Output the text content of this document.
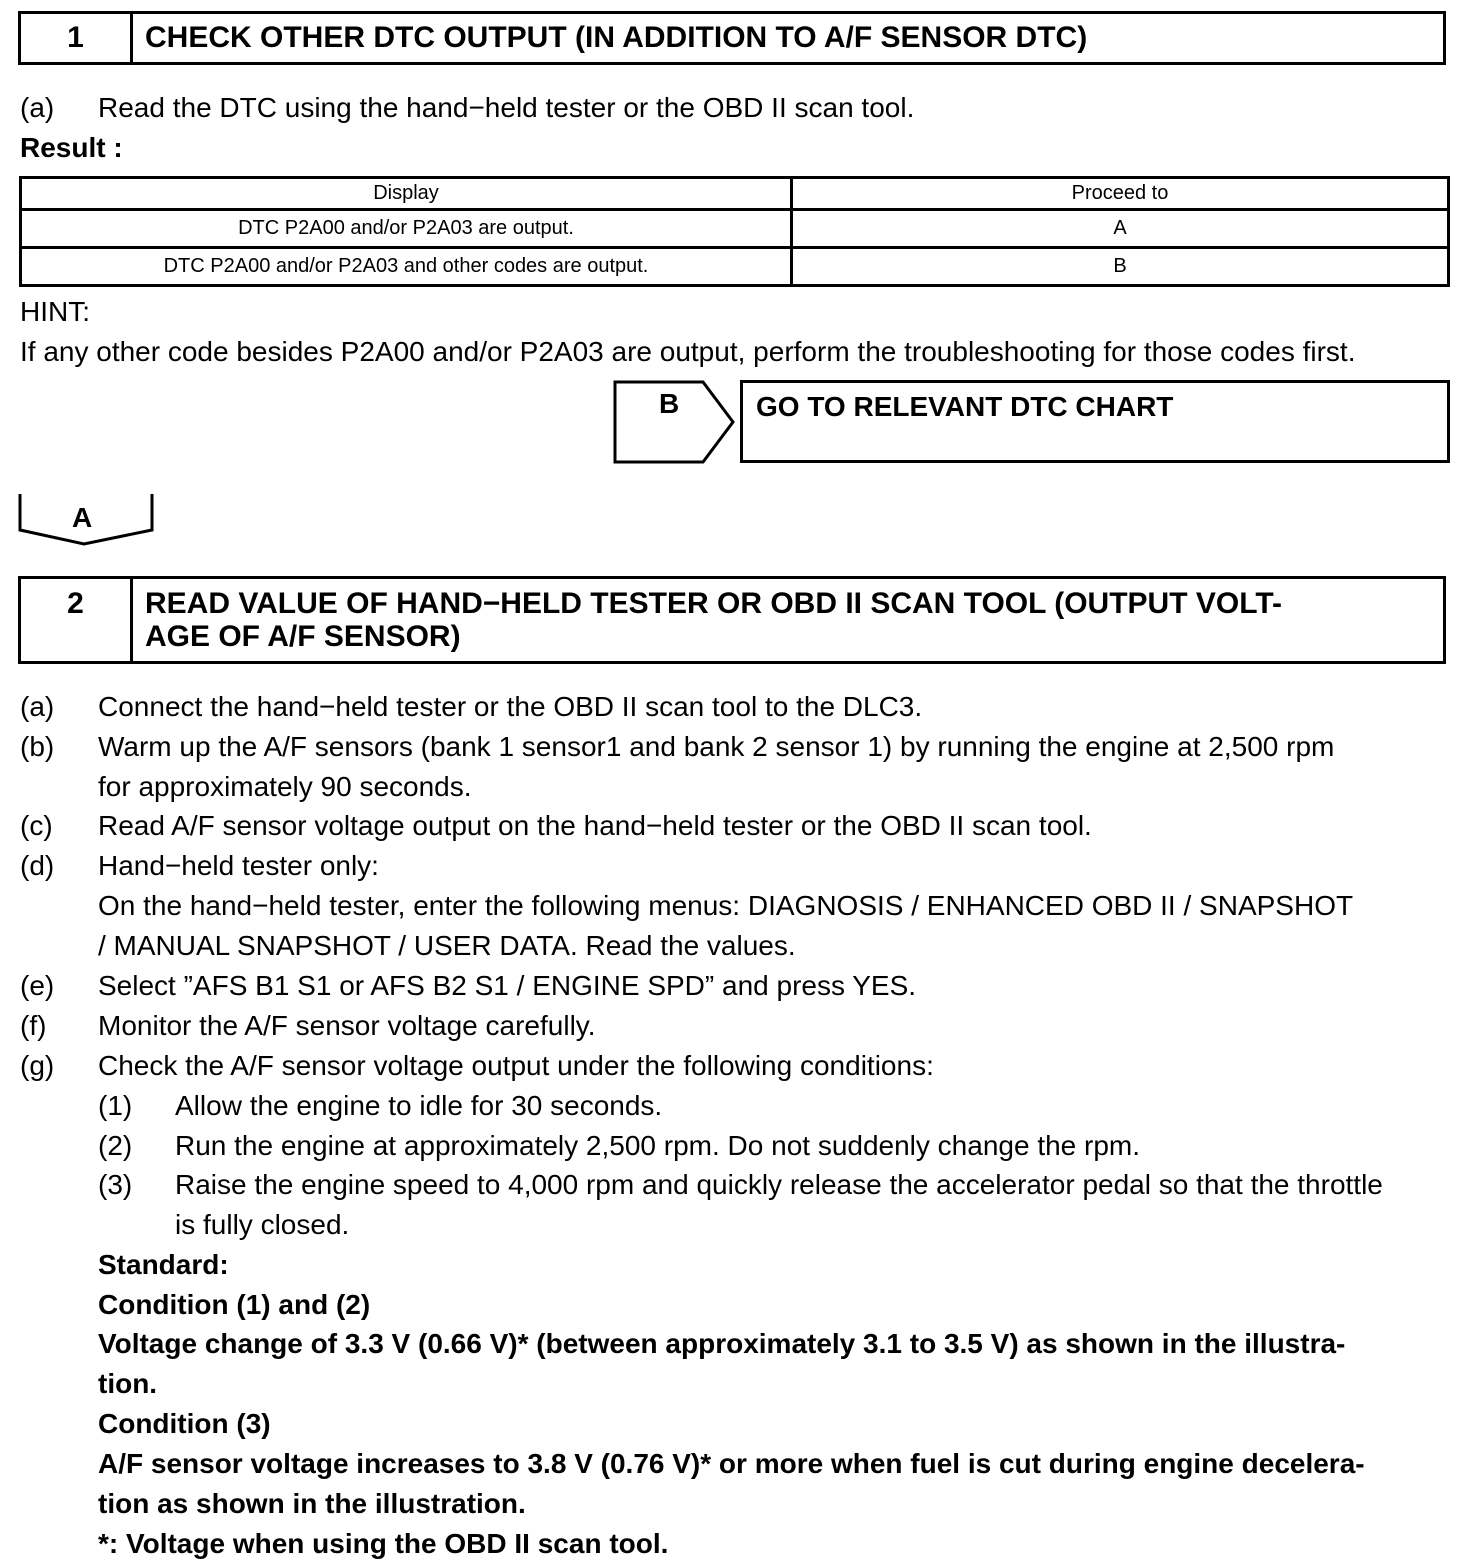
1	CHECK OTHER DTC OUTPUT (IN ADDITION TO A/F SENSOR DTC)
(a) Read the DTC using the hand−held tester or the OBD II scan tool.
Result :
Display	Proceed to
DTC P2A00 and/or P2A03 are output.	A
DTC P2A00 and/or P2A03 and other codes are output.	B
HINT:
If any other code besides P2A00 and/or P2A03 are output, perform the troubleshooting for those codes first.
B	GO TO RELEVANT DTC CHART
A
2	READ VALUE OF HAND−HELD TESTER OR OBD II SCAN TOOL (OUTPUT VOLT-
AGE OF A/F SENSOR)
(a) Connect the hand−held tester or the OBD II scan tool to the DLC3.
(b) Warm up the A/F sensors (bank 1 sensor1 and bank 2 sensor 1) by running the engine at 2,500 rpm
for approximately 90 seconds.
(c) Read A/F sensor voltage output on the hand−held tester or the OBD II scan tool.
(d) Hand−held tester only:
On the hand−held tester, enter the following menus: DIAGNOSIS / ENHANCED OBD II / SNAPSHOT
/ MANUAL SNAPSHOT / USER DATA. Read the values.
(e) Select ”AFS B1 S1 or AFS B2 S1 / ENGINE SPD” and press YES.
(f) Monitor the A/F sensor voltage carefully.
(g) Check the A/F sensor voltage output under the following conditions:
(1) Allow the engine to idle for 30 seconds.
(2) Run the engine at approximately 2,500 rpm. Do not suddenly change the rpm.
(3) Raise the engine speed to 4,000 rpm and quickly release the accelerator pedal so that the throttle
is fully closed.
Standard:
Condition (1) and (2)
Voltage change of 3.3 V (0.66 V)* (between approximately 3.1 to 3.5 V) as shown in the illustra-
tion.
Condition (3)
A/F sensor voltage increases to 3.8 V (0.76 V)* or more when fuel is cut during engine decelera-
tion as shown in the illustration.
*: Voltage when using the OBD II scan tool.
